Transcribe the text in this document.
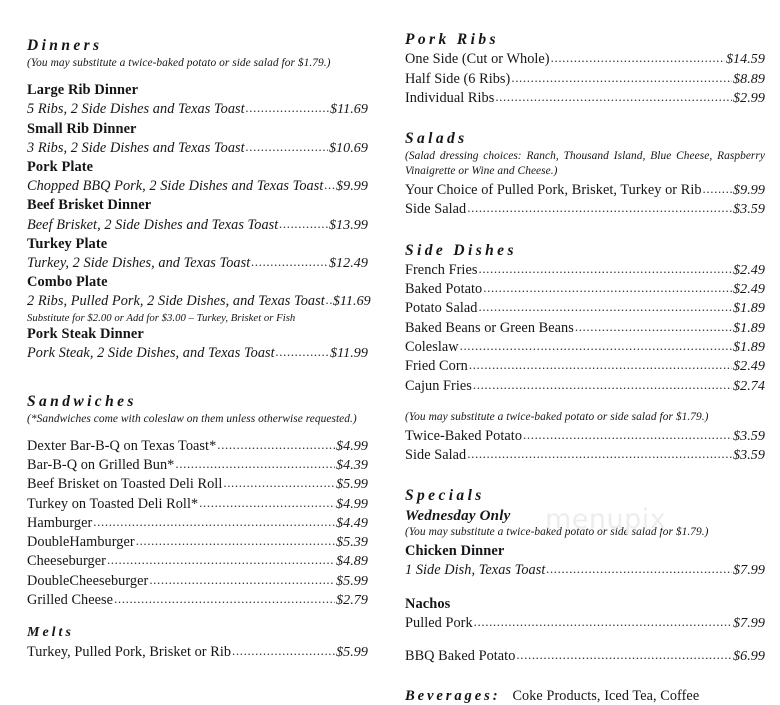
Dinners
(You may substitute a twice-baked potato or side salad for $1.79.)
Large Rib Dinner
5 Ribs, 2 Side Dishes and Texas Toast .....	$11.69
Small Rib Dinner
3 Ribs, 2 Side Dishes and Texas Toast .....	$10.69
Pork Plate
Chopped BBQ Pork, 2 Side Dishes and Texas Toast ..... $9.99
Beef Brisket Dinner
Beef Brisket, 2 Side Dishes and Texas Toast .....	$13.99
Turkey Plate
Turkey, 2 Side Dishes, and Texas Toast .....	$12.49
Combo Plate
2 Ribs, Pulled Pork, 2 Side Dishes, and Texas Toast ..... $11.69
Substitute for $2.00 or Add for $3.00 – Turkey, Brisket or Fish
Pork Steak Dinner
Pork Steak, 2 Side Dishes, and Texas Toast .....	$11.99
Sandwiches
(*Sandwiches come with coleslaw on them unless otherwise requested.)
Dexter Bar-B-Q on Texas Toast* .....	$4.99
Bar-B-Q on Grilled Bun* .....	$4.39
Beef Brisket on Toasted Deli Roll .....	$5.99
Turkey on Toasted Deli Roll* .....	$4.99
Hamburger .....	$4.49
DoubleHamburger .....	$5.39
Cheeseburger .....	$4.89
DoubleCheeseburger .....	$5.99
Grilled Cheese .....	$2.79
Melts
Turkey, Pulled Pork, Brisket or Rib .....	$5.99
Pork Ribs
One Side (Cut or Whole) .....	$14.59
Half Side (6 Ribs) .....	$8.89
Individual Ribs .....	$2.99
Salads
(Salad dressing choices: Ranch, Thousand Island, Blue Cheese, Raspberry Vinaigrette or Wine and Cheese.)
Your Choice of Pulled Pork, Brisket, Turkey or Rib ..... $9.99
Side Salad .....	$3.59
Side Dishes
French Fries .....	$2.49
Baked Potato .....	$2.49
Potato Salad .....	$1.89
Baked Beans or Green Beans .....	$1.89
Coleslaw .....	$1.89
Fried Corn .....	$2.49
Cajun Fries .....	$2.74
(You may substitute a twice-baked potato or side salad for $1.79.)
Twice-Baked Potato .....	$3.59
Side Salad .....	$3.59
Specials
Wednesday Only
(You may substitute a twice-baked potato or side salad for $1.79.)
Chicken Dinner
1 Side Dish, Texas Toast .....	$7.99
Nachos
Pulled Pork .....	$7.99
BBQ Baked Potato .....	$6.99
Beverages: Coke Products, Iced Tea, Coffee
menupix
